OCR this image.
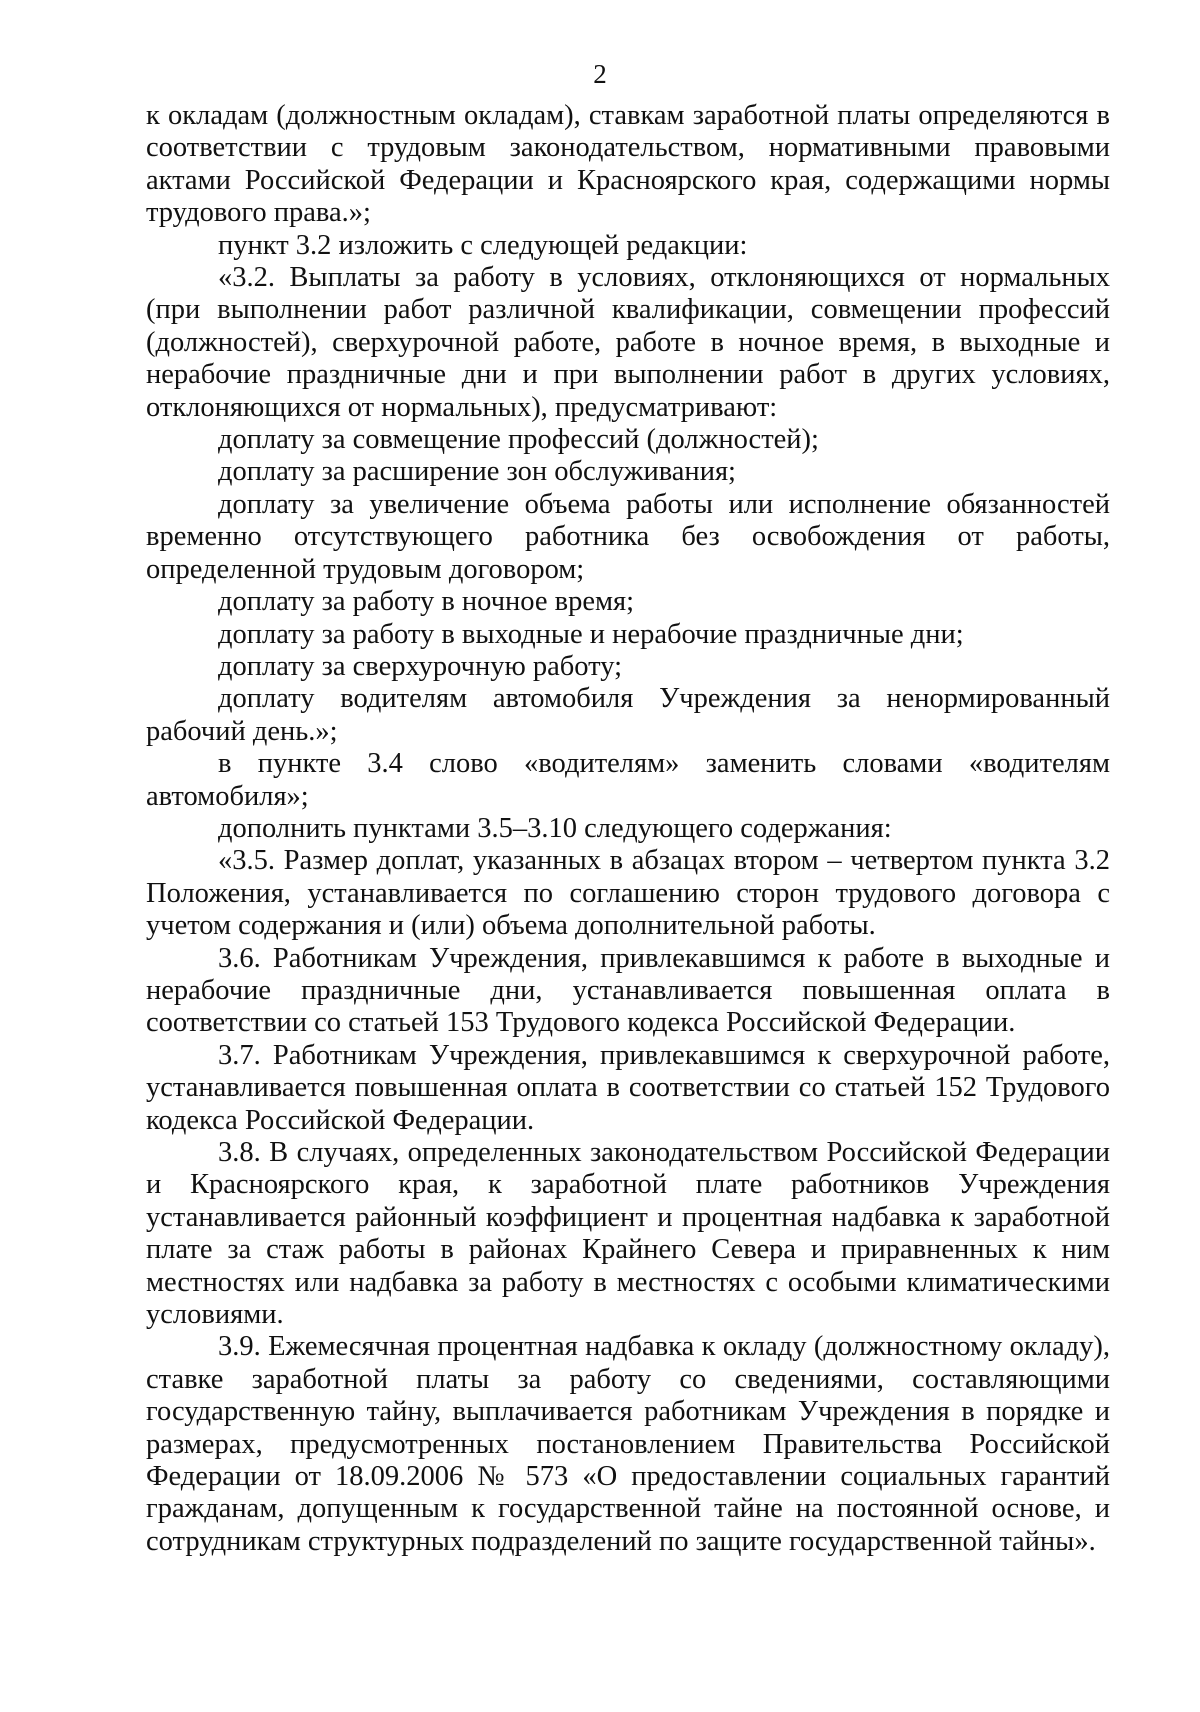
2

к окладам (должностным окладам), ставкам заработной платы определяются в соответствии с трудовым законодательством, нормативными правовыми актами Российской Федерации и Красноярского края, содержащими нормы трудового права.»;

пункт 3.2 изложить с следующей редакции:

«3.2. Выплаты за работу в условиях, отклоняющихся от нормальных (при выполнении работ различной квалификации, совмещении профессий (должностей), сверхурочной работе, работе в ночное время, в выходные и нерабочие праздничные дни и при выполнении работ в других условиях, отклоняющихся от нормальных), предусматривают:

доплату за совмещение профессий (должностей);

доплату за расширение зон обслуживания;

доплату за увеличение объема работы или исполнение обязанностей временно отсутствующего работника без освобождения от работы, определенной трудовым договором;

доплату за работу в ночное время;

доплату за работу в выходные и нерабочие праздничные дни;

доплату за сверхурочную работу;

доплату водителям автомобиля Учреждения за ненормированный рабочий день.»;

в пункте 3.4 слово «водителям» заменить словами «водителям автомобиля»;

дополнить пунктами 3.5–3.10 следующего содержания:

«3.5. Размер доплат, указанных в абзацах втором – четвертом пункта 3.2 Положения, устанавливается по соглашению сторон трудового договора с учетом содержания и (или) объема дополнительной работы.

3.6. Работникам Учреждения, привлекавшимся к работе в выходные и нерабочие праздничные дни, устанавливается повышенная оплата в соответствии со статьей 153 Трудового кодекса Российской Федерации.

3.7. Работникам Учреждения, привлекавшимся к сверхурочной работе, устанавливается повышенная оплата в соответствии со статьей 152 Трудового кодекса Российской Федерации.

3.8. В случаях, определенных законодательством Российской Федерации и Красноярского края, к заработной плате работников Учреждения устанавливается районный коэффициент и процентная надбавка к заработной плате за стаж работы в районах Крайнего Севера и приравненных к ним местностях или надбавка за работу в местностях с особыми климатическими условиями.

3.9. Ежемесячная процентная надбавка к окладу (должностному окладу), ставке заработной платы за работу со сведениями, составляющими государственную тайну, выплачивается работникам Учреждения в порядке и размерах, предусмотренных постановлением Правительства Российской Федерации от 18.09.2006 № 573 «О предоставлении социальных гарантий гражданам, допущенным к государственной тайне на постоянной основе, и сотрудникам структурных подразделений по защите государственной тайны».
